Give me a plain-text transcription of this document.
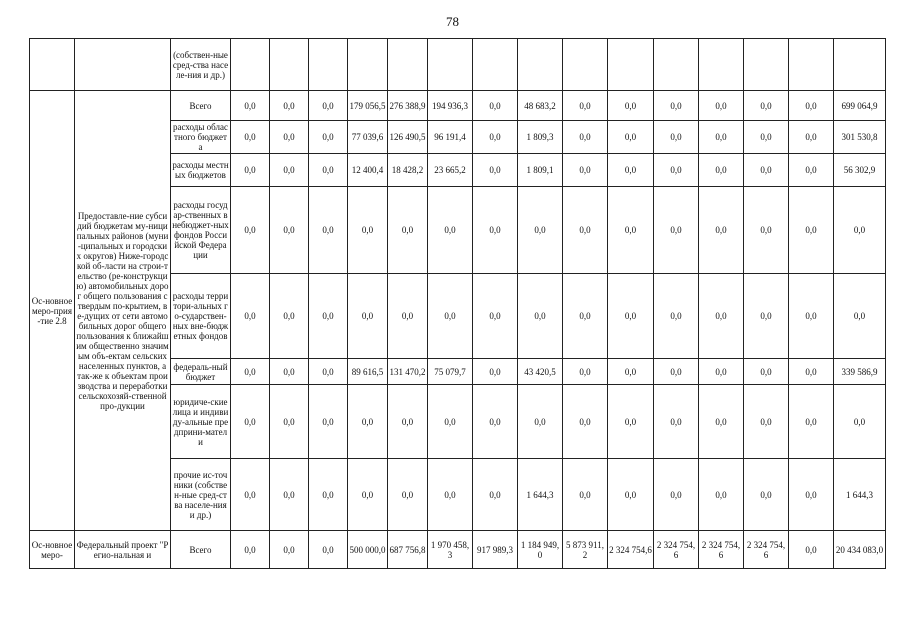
78
		(собствен-ные сред-ства населе-ния и др.)															
Ос-новное меро-прия-тие 2.8	Предоставле-ние субсидий бюджетам му-ниципальных районов (муни-ципальных и городских округов) Ниже-городской об-ласти на строи-тельство (ре-конструкцию) автомобильных дорог общего пользования с твердым по-крытием, ве-дущих от сети автомобильных дорог общего пользования к ближайшим общественно значимым объ-ектам сельских населенных пунктов, а так-же к объектам производства и переработки сельскохозяй-ственной про-дукции	Всего	0,0	0,0	0,0	179 056,5	276 388,9	194 936,3	0,0	48 683,2	0,0	0,0	0,0	0,0	0,0	0,0	699 064,9
		расходы областного бюджета	0,0	0,0	0,0	77 039,6	126 490,5	96 191,4	0,0	1 809,3	0,0	0,0	0,0	0,0	0,0	0,0	301 530,8
		расходы местных бюджетов	0,0	0,0	0,0	12 400,4	18 428,2	23 665,2	0,0	1 809,1	0,0	0,0	0,0	0,0	0,0	0,0	56 302,9
		расходы государ-ственных внебюджет-ных фондов Российской Федерации	0,0	0,0	0,0	0,0	0,0	0,0	0,0	0,0	0,0	0,0	0,0	0,0	0,0	0,0	0,0
		расходы территори-альных го-сударствен-ных вне-бюджетных фондов	0,0	0,0	0,0	0,0	0,0	0,0	0,0	0,0	0,0	0,0	0,0	0,0	0,0	0,0	0,0
		федераль-ный бюджет	0,0	0,0	0,0	89 616,5	131 470,2	75 079,7	0,0	43 420,5	0,0	0,0	0,0	0,0	0,0	0,0	339 586,9
		юридиче-ские лица и индивиду-альные предприни-матели	0,0	0,0	0,0	0,0	0,0	0,0	0,0	0,0	0,0	0,0	0,0	0,0	0,0	0,0	0,0
		прочие ис-точники (собствен-ные сред-ства населе-ния и др.)	0,0	0,0	0,0	0,0	0,0	0,0	0,0	1 644,3	0,0	0,0	0,0	0,0	0,0	0,0	1 644,3
Ос-новное меро-	Федеральный проект "Регио-нальная и	Всего	0,0	0,0	0,0	500 000,0	687 756,8	1 970 458,3	917 989,3	1 184 949,0	5 873 911,2	2 324 754,6	2 324 754,6	2 324 754,6	2 324 754,6	0,0	20 434 083,0
